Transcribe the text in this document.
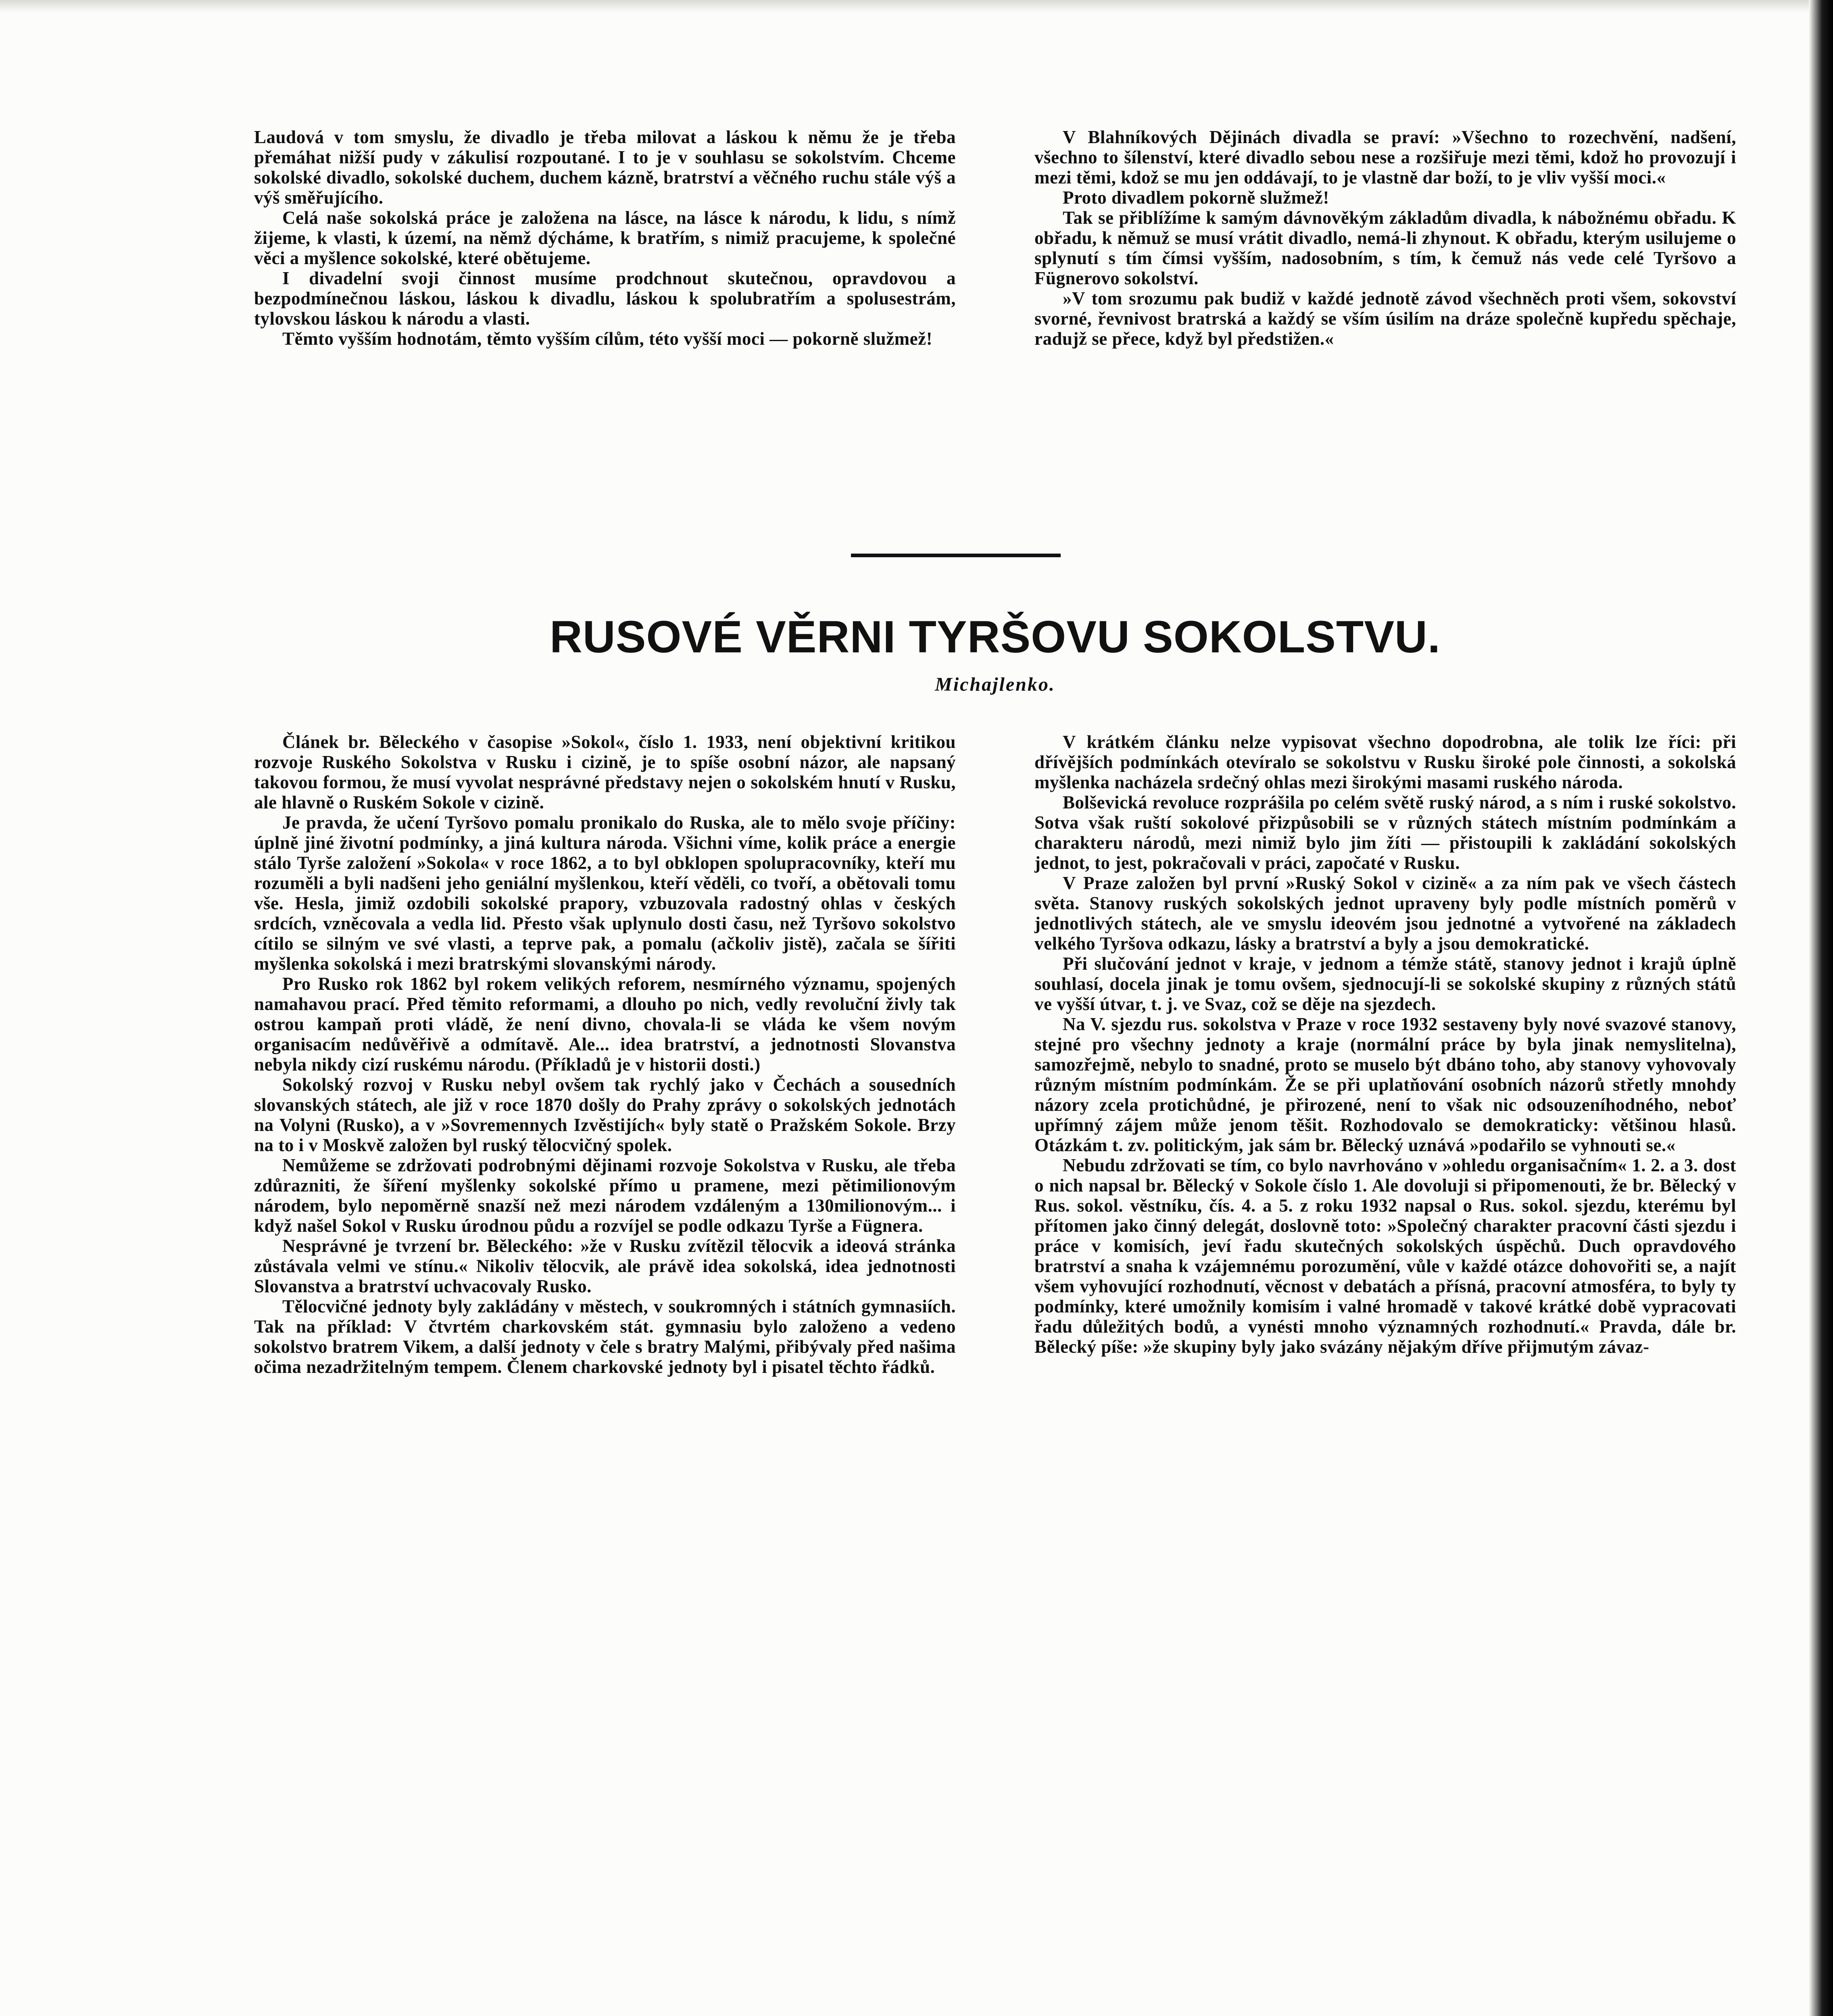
Laudová v tom smyslu, že divadlo je třeba milovat a láskou k němu že je třeba přemáhat nižší pudy v zákulisí rozpoutané. I to je v souhlasu se sokolstvím. Chceme sokolské divadlo, sokolské duchem, duchem kázně, bratrství a věčného ruchu stále výš a výš směřujícího.

Celá naše sokolská práce je založena na lásce, na lásce k národu, k lidu, s nímž žijeme, k vlasti, k území, na němž dýcháme, k bratřím, s nimiž pracujeme, k společné věci a myšlence sokolské, které obětujeme.

I divadelní svoji činnost musíme prodchnout skutečnou, opravdovou a bezpodmínečnou láskou, láskou k divadlu, láskou k spolubratřím a spolusestrám, tylovskou láskou k národu a vlasti.

Těmto vyšším hodnotám, těmto vyšším cílům, této vyšší moci — pokorně služmež!

V Blahníkových Dějinách divadla se praví: »Všechno to rozechvění, nadšení, všechno to šílenství, které divadlo sebou nese a rozšiřuje mezi těmi, kdož ho provozují i mezi těmi, kdož se mu jen oddávají, to je vlastně dar boží, to je vliv vyšší moci.«

Proto divadlem pokorně služmež!

Tak se přiblížíme k samým dávnověkým základům divadla, k nábožnému obřadu. K obřadu, k němuž se musí vrátit divadlo, nemá-li zhynout. K obřadu, kterým usilujeme o splynutí s tím čímsi vyšším, nadosobním, s tím, k čemuž nás vede celé Tyršovo a Fügnerovo sokolství.

»V tom srozumu pak budiž v každé jednotě závod všechněch proti všem, sokovství svorné, řevnivost bratrská a každý se vším úsilím na dráze společně kupředu spěchaje, radujž se přece, když byl předstižen.«

RUSOVÉ VĚRNI TYRŠOVU SOKOLSTVU.
Michajlenko.

Článek br. Běleckého v časopise »Sokol«, číslo 1. 1933, není objektivní kritikou rozvoje Ruského Sokolstva v Rusku i cizině, je to spíše osobní názor, ale napsaný takovou formou, že musí vyvolat nesprávné představy nejen o sokolském hnutí v Rusku, ale hlavně o Ruském Sokole v cizině.

Je pravda, že učení Tyršovo pomalu pronikalo do Ruska, ale to mělo svoje příčiny: úplně jiné životní podmínky, a jiná kultura národa. Všichni víme, kolik práce a energie stálo Tyrše založení »Sokola« v roce 1862, a to byl obklopen spolupracovníky, kteří mu rozuměli a byli nadšeni jeho geniální myšlenkou, kteří věděli, co tvoří, a obětovali tomu vše. Hesla, jimiž ozdobili sokolské prapory, vzbuzovala radostný ohlas v českých srdcích, vzněcovala a vedla lid. Přesto však uplynulo dosti času, než Tyršovo sokolstvo cítilo se silným ve své vlasti, a teprve pak, a pomalu (ačkoliv jistě), začala se šířiti myšlenka sokolská i mezi bratrskými slovanskými národy.

Pro Rusko rok 1862 byl rokem velikých reforem, nesmírného významu, spojených namahavou prací. Před těmito reformami, a dlouho po nich, vedly revoluční živly tak ostrou kampaň proti vládě, že není divno, chovala-li se vláda ke všem novým organisacím nedůvěřivě a odmítavě. Ale... idea bratrství, a jednotnosti Slovanstva nebyla nikdy cizí ruskému národu. (Příkladů je v historii dosti.)

Sokolský rozvoj v Rusku nebyl ovšem tak rychlý jako v Čechách a sousedních slovanských státech, ale již v roce 1870 došly do Prahy zprávy o sokolských jednotách na Volyni (Rusko), a v »Sovremennych Izvěstijích« byly statě o Pražském Sokole. Brzy na to i v Moskvě založen byl ruský tělocvičný spolek.

Nemůžeme se zdržovati podrobnými dějinami rozvoje Sokolstva v Rusku, ale třeba zdůrazniti, že šíření myšlenky sokolské přímo u pramene, mezi pětimilionovým národem, bylo nepoměrně snazší než mezi národem vzdáleným a 130milionovým... i když našel Sokol v Rusku úrodnou půdu a rozvíjel se podle odkazu Tyrše a Fügnera.

Nesprávné je tvrzení br. Běleckého: »že v Rusku zvítězil tělocvik a ideová stránka zůstávala velmi ve stínu.« Nikoliv tělocvik, ale právě idea sokolská, idea jednotnosti Slovanstva a bratrství uchvacovaly Rusko.

Tělocvičné jednoty byly zakládány v městech, v soukromných i státních gymnasiích. Tak na příklad: V čtvrtém charkovském stát. gymnasiu bylo založeno a vedeno sokolstvo bratrem Vikem, a další jednoty v čele s bratry Malými, přibývaly před našima očima nezadržitelným tempem. Členem charkovské jednoty byl i pisatel těchto řádků.

V krátkém článku nelze vypisovat všechno dopodrobna, ale tolik lze říci: při dřívějších podmínkách otevíralo se sokolstvu v Rusku široké pole činnosti, a sokolská myšlenka nacházela srdečný ohlas mezi širokými masami ruského národa.

Bolševická revoluce rozprášila po celém světě ruský národ, a s ním i ruské sokolstvo. Sotva však ruští sokolové přizpůsobili se v různých státech místním podmínkám a charakteru národů, mezi nimiž bylo jim žíti — přistoupili k zakládání sokolských jednot, to jest, pokračovali v práci, započaté v Rusku.

V Praze založen byl první »Ruský Sokol v cizině« a za ním pak ve všech částech světa. Stanovy ruských sokolských jednot upraveny byly podle místních poměrů v jednotlivých státech, ale ve smyslu ideovém jsou jednotné a vytvořené na základech velkého Tyršova odkazu, lásky a bratrství a byly a jsou demokratické.

Při slučování jednot v kraje, v jednom a témže státě, stanovy jednot i krajů úplně souhlasí, docela jinak je tomu ovšem, sjednocují-li se sokolské skupiny z různých států ve vyšší útvar, t. j. ve Svaz, což se děje na sjezdech.

Na V. sjezdu rus. sokolstva v Praze v roce 1932 sestaveny byly nové svazové stanovy, stejné pro všechny jednoty a kraje (normální práce by byla jinak nemyslitelna), samozřejmě, nebylo to snadné, proto se muselo být dbáno toho, aby stanovy vyhovovaly různým místním podmínkám. Že se při uplatňování osobních názorů střetly mnohdy názory zcela protichůdné, je přirozené, není to však nic odsouzeníhodného, neboť upřímný zájem může jenom těšit. Rozhodovalo se demokraticky: většinou hlasů. Otázkám t. zv. politickým, jak sám br. Bělecký uznává »podařilo se vyhnouti se.«

Nebudu zdržovati se tím, co bylo navrhováno v »ohledu organisačním« 1. 2. a 3. dost o nich napsal br. Bělecký v Sokole číslo 1. Ale dovoluji si připomenouti, že br. Bělecký v Rus. sokol. věstníku, čís. 4. a 5. z roku 1932 napsal o Rus. sokol. sjezdu, kterému byl přítomen jako činný delegát, doslovně toto: »Společný charakter pracovní části sjezdu i práce v komisích, jeví řadu skutečných sokolských úspěchů. Duch opravdového bratrství a snaha k vzájemnému porozumění, vůle v každé otázce dohovořiti se, a najít všem vyhovující rozhodnutí, věcnost v debatách a přísná, pracovní atmosféra, to byly ty podmínky, které umožnily komisím i valné hromadě v takové krátké době vypracovati řadu důležitých bodů, a vynésti mnoho významných rozhodnutí.« Pravda, dále br. Bělecký píše: »že skupiny byly jako svázány nějakým dříve přijmutým závaz-
